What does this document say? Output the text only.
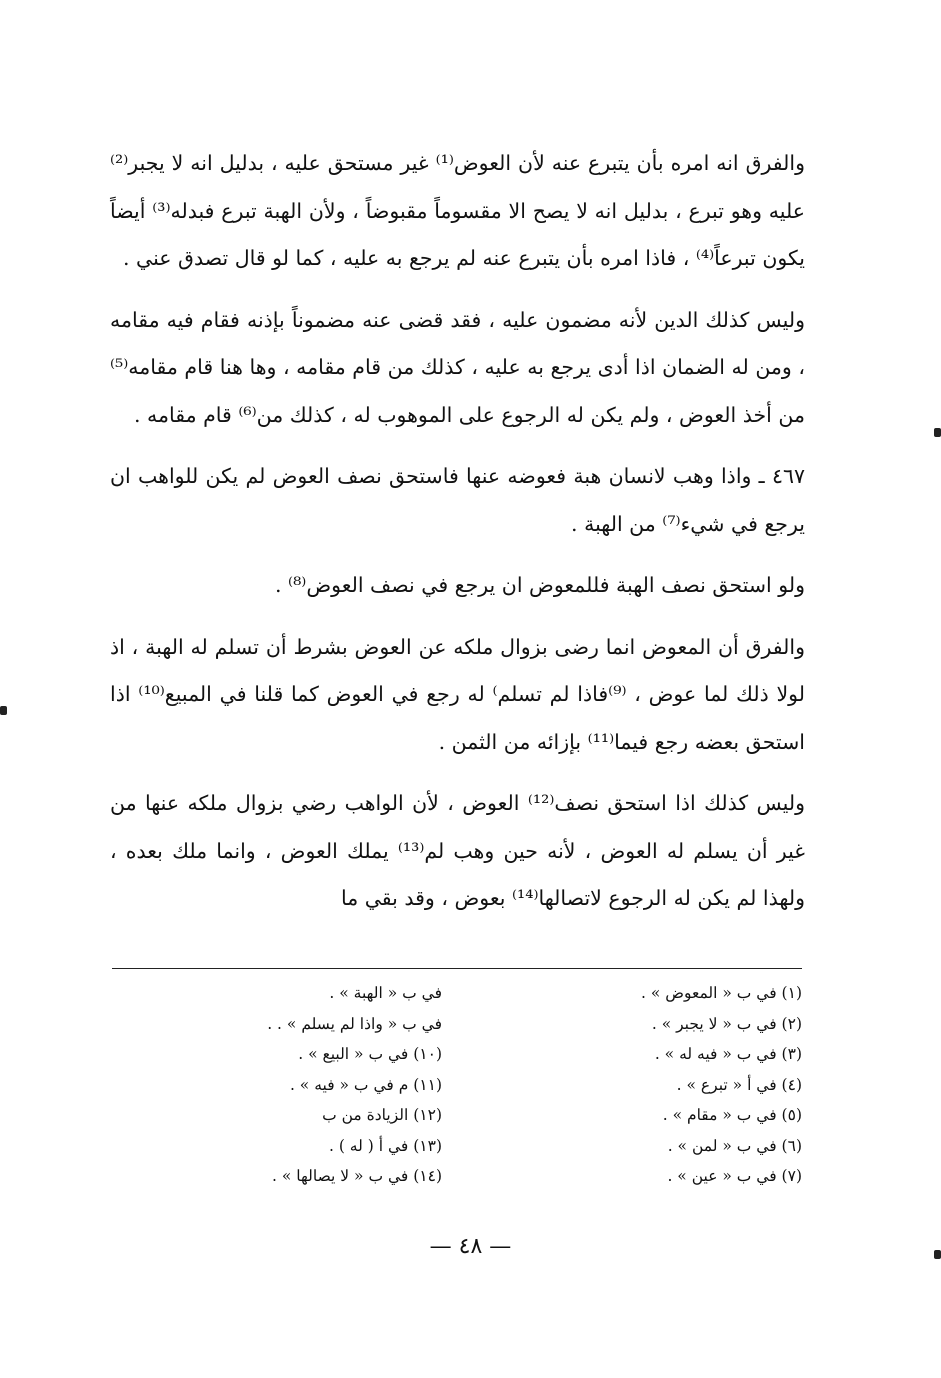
والفرق انه امره بأن يتبرع عنه لأن العوض⁽¹⁾ غير مستحق عليه ، بدليل انه لا يجبر⁽²⁾ عليه وهو تبرع ، بدليل انه لا يصح الا مقسوماً مقبوضاً ، ولأن الهبة تبرع فبدله⁽³⁾ أيضاً يكون تبرعاً⁽⁴⁾ ، فاذا امره بأن يتبرع عنه لم يرجع به عليه ، كما لو قال تصدق عني .

وليس كذلك الدين لأنه مضمون عليه ، فقد قضى عنه مضموناً بإذنه فقام فيه مقامه ، ومن له الضمان اذا أدى يرجع به عليه ، كذلك من قام مقامه ، وها هنا قام مقامه⁽⁵⁾ من أخذ العوض ، ولم يكن له الرجوع على الموهوب له ، كذلك من⁽⁶⁾ قام مقامه .

٤٦٧ ـ واذا وهب لانسان هبة فعوضه عنها فاستحق نصف العوض لم يكن للواهب ان يرجع في شيء⁽⁷⁾ من الهبة .

ولو استحق نصف الهبة فللمعوض ان يرجع في نصف العوض⁽⁸⁾ .

والفرق أن المعوض انما رضى بزوال ملكه عن العوض بشرط أن تسلم له الهبة ، اذ لولا ذلك لما عوض ، ⁽⁹⁾فاذا لم تسلم⁾ له رجع في العوض كما قلنا في المبيع⁽¹⁰⁾ اذا استحق بعضه رجع فيما⁽¹¹⁾ بإزائه من الثمن .

وليس كذلك اذا استحق نصف⁽¹²⁾ العوض ، لأن الواهب رضي بزوال ملكه عنها من غير أن يسلم له العوض ، لأنه حين وهب لم⁽¹³⁾ يملك العوض ، وانما ملك بعده ، ولهذا لم يكن له الرجوع لاتصالها⁽¹⁴⁾ بعوض ، وقد بقي ما

(١) في ب « المعوض » .
(٢) في ب « لا يجبر » .
(٣) في ب « فيه له » .
(٤) في أ « تبرع » .
(٥) في ب « مقام » .
(٦) في ب « لمن » .
(٧) في ب « عين » .
في ب « الهبة » .
في ب « واذا لم يسلم » . .
(١٠) في ب « البيع » .
(١١) م في ب « فيه » .
(١٢) الزيادة من ب
(١٣) في أ ( له ) .
(١٤) في ب « لا يصالها » .
— ٤٨ —
